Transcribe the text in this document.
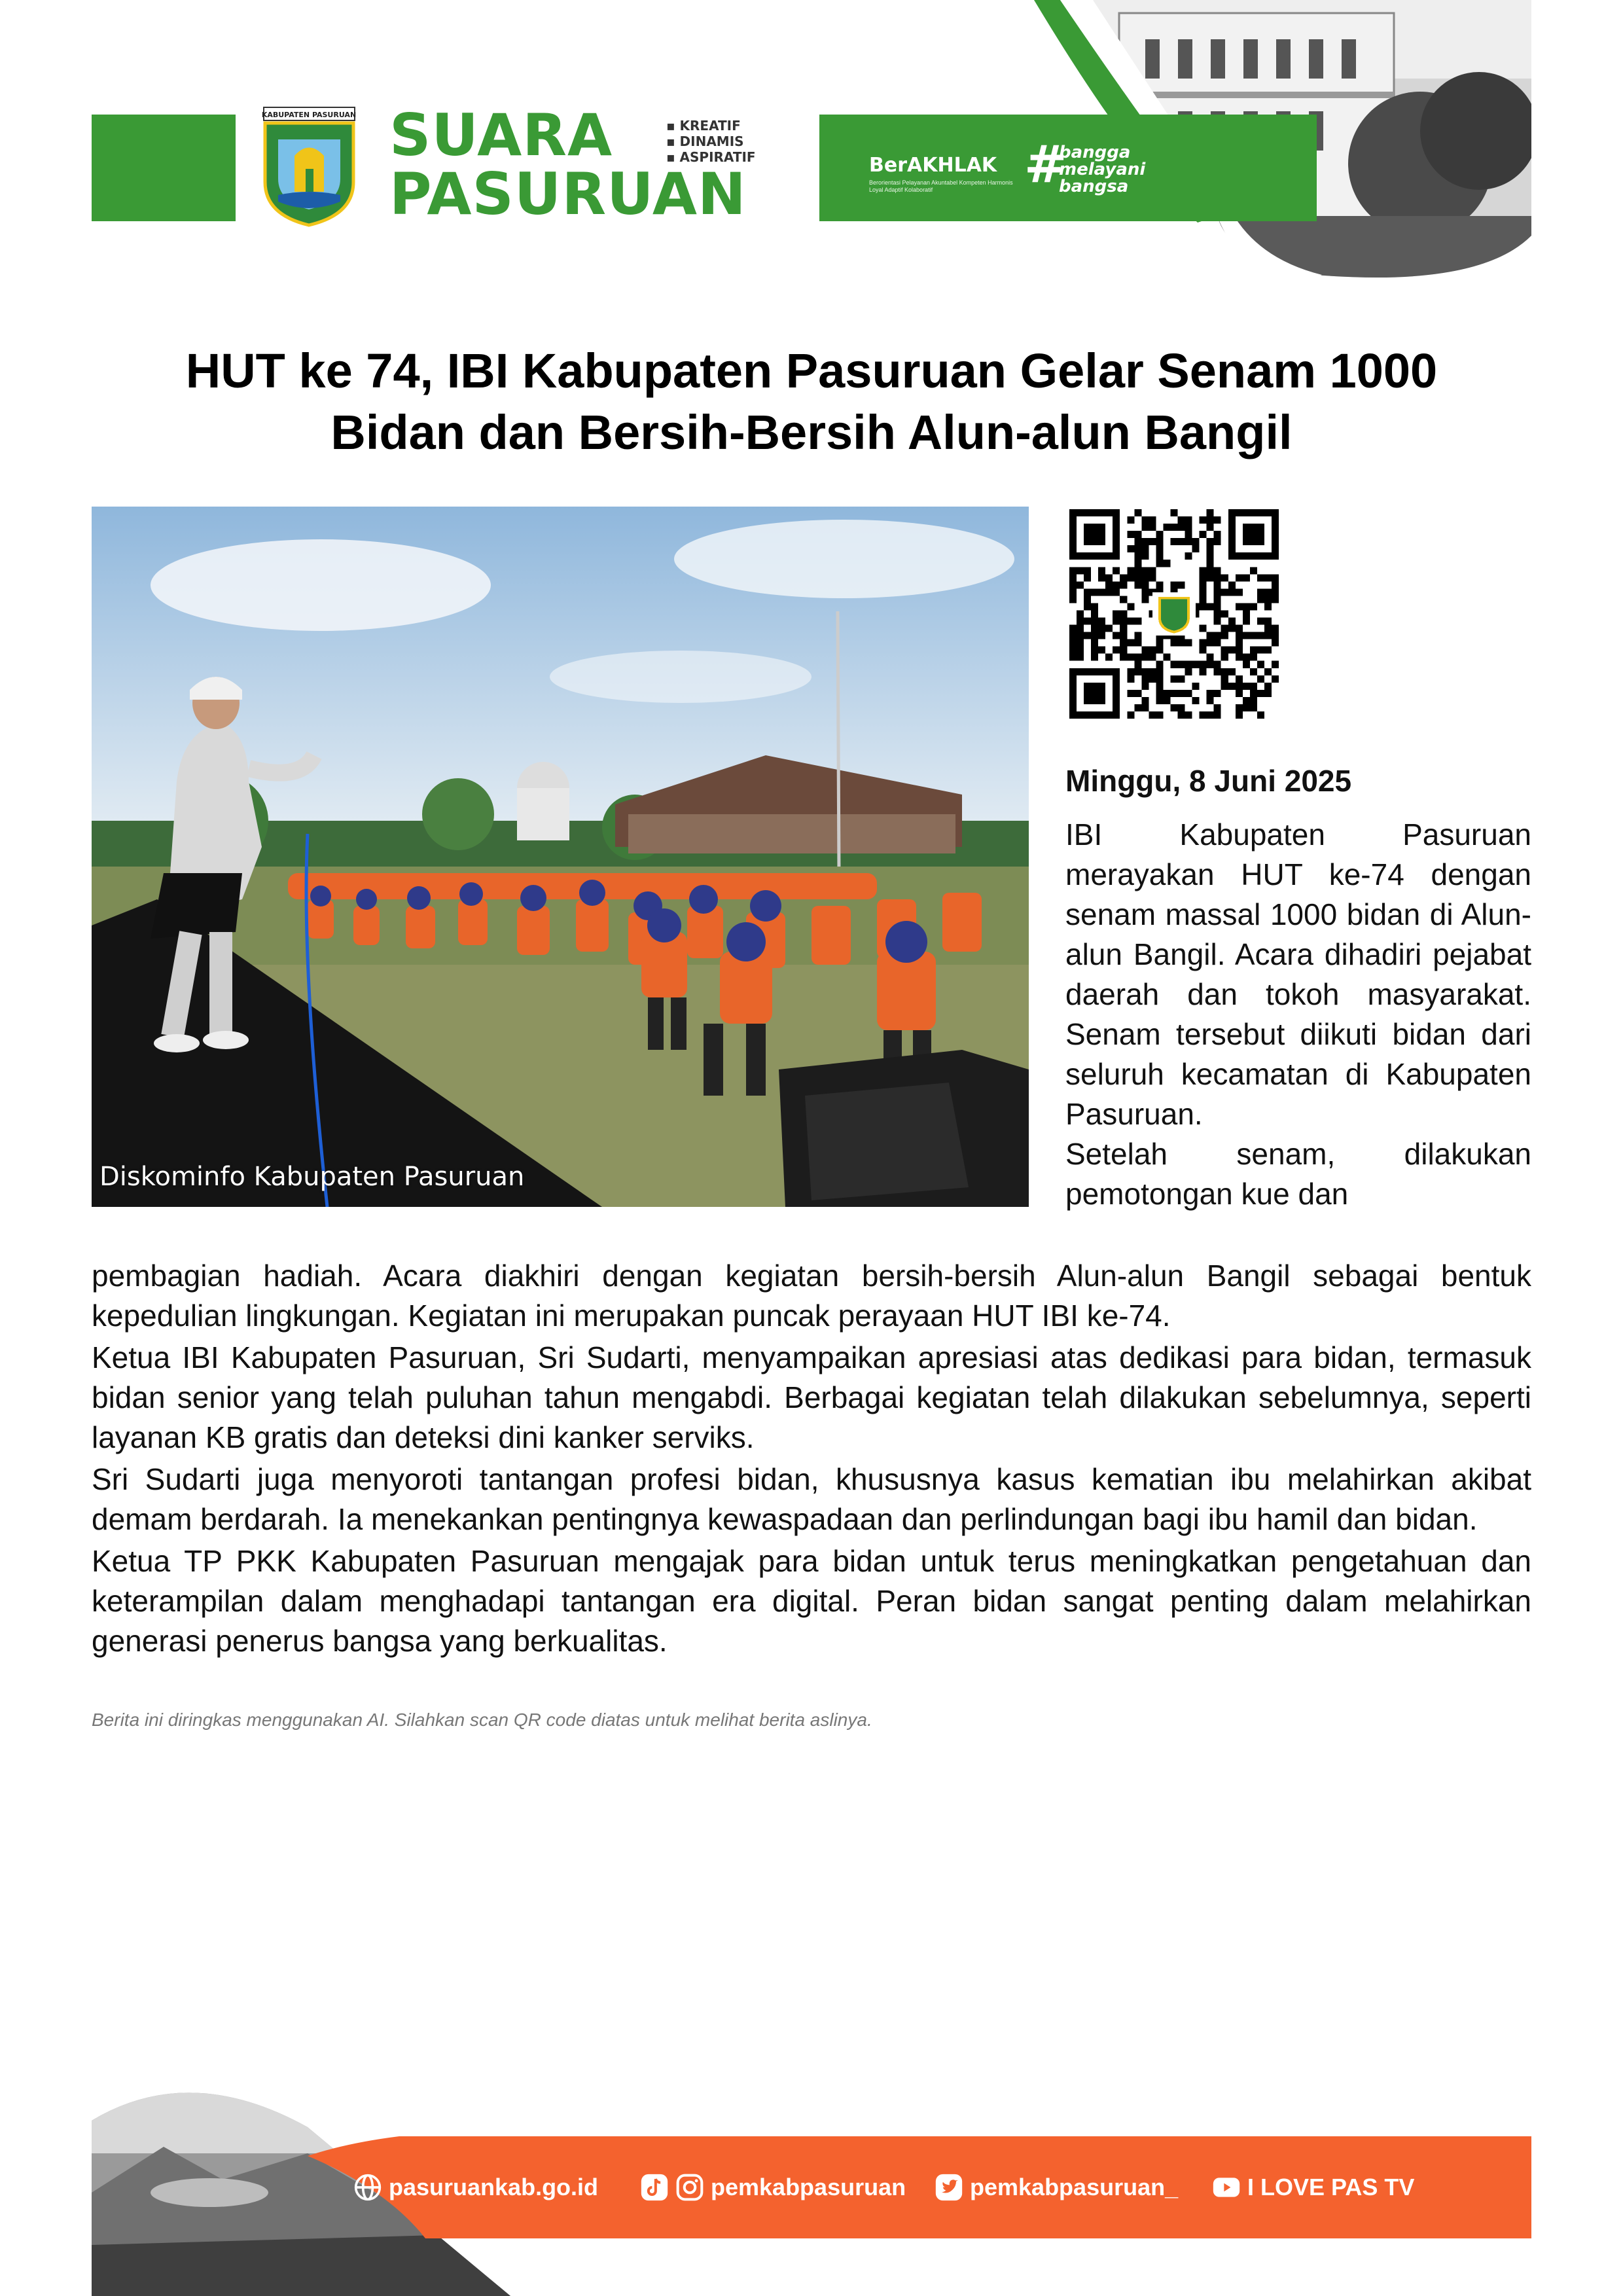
KABUPATEN PASURUAN SUARA
PASURUAN
▪ KREATIF
▪ DINAMIS
▪ ASPIRATIF	BerAKHLAK
Berorientasi Pelayanan Akuntabel Kompeten Harmonis Loyal Adaptif Kolaboratif	#
bangga
melayani
bangsa
HUT ke 74, IBI Kabupaten Pasuruan Gelar Senam 1000
Bidan dan Bersih-Bersih Alun-alun Bangil
Diskominfo Kabupaten Pasuruan
Minggu, 8 Juni 2025

IBI Kabupaten Pasuruan merayakan HUT ke-74 dengan senam massal 1000 bidan di Alun-alun Bangil. Acara dihadiri pejabat daerah dan tokoh masyarakat. Senam tersebut diikuti bidan dari seluruh kecamatan di Kabupaten Pasuruan.

Setelah senam, dilakukan pemotongan kue dan

pembagian hadiah. Acara diakhiri dengan kegiatan bersih-bersih Alun-alun Bangil sebagai bentuk kepedulian lingkungan. Kegiatan ini merupakan puncak perayaan HUT IBI ke-74.

Ketua IBI Kabupaten Pasuruan, Sri Sudarti, menyampaikan apresiasi atas dedikasi para bidan, termasuk bidan senior yang telah puluhan tahun mengabdi. Berbagai kegiatan telah dilakukan sebelumnya, seperti layanan KB gratis dan deteksi dini kanker serviks.

Sri Sudarti juga menyoroti tantangan profesi bidan, khususnya kasus kematian ibu melahirkan akibat demam berdarah. Ia menekankan pentingnya kewaspadaan dan perlindungan bagi ibu hamil dan bidan.

Ketua TP PKK Kabupaten Pasuruan mengajak para bidan untuk terus meningkatkan pengetahuan dan keterampilan dalam menghadapi tantangan era digital. Peran bidan sangat penting dalam melahirkan generasi penerus bangsa yang berkualitas.

Berita ini diringkas menggunakan AI. Silahkan scan QR code diatas untuk melihat berita aslinya.
pasuruankab.go.id	pemkabpasuruan	pemkabpasuruan_	I LOVE PAS TV
